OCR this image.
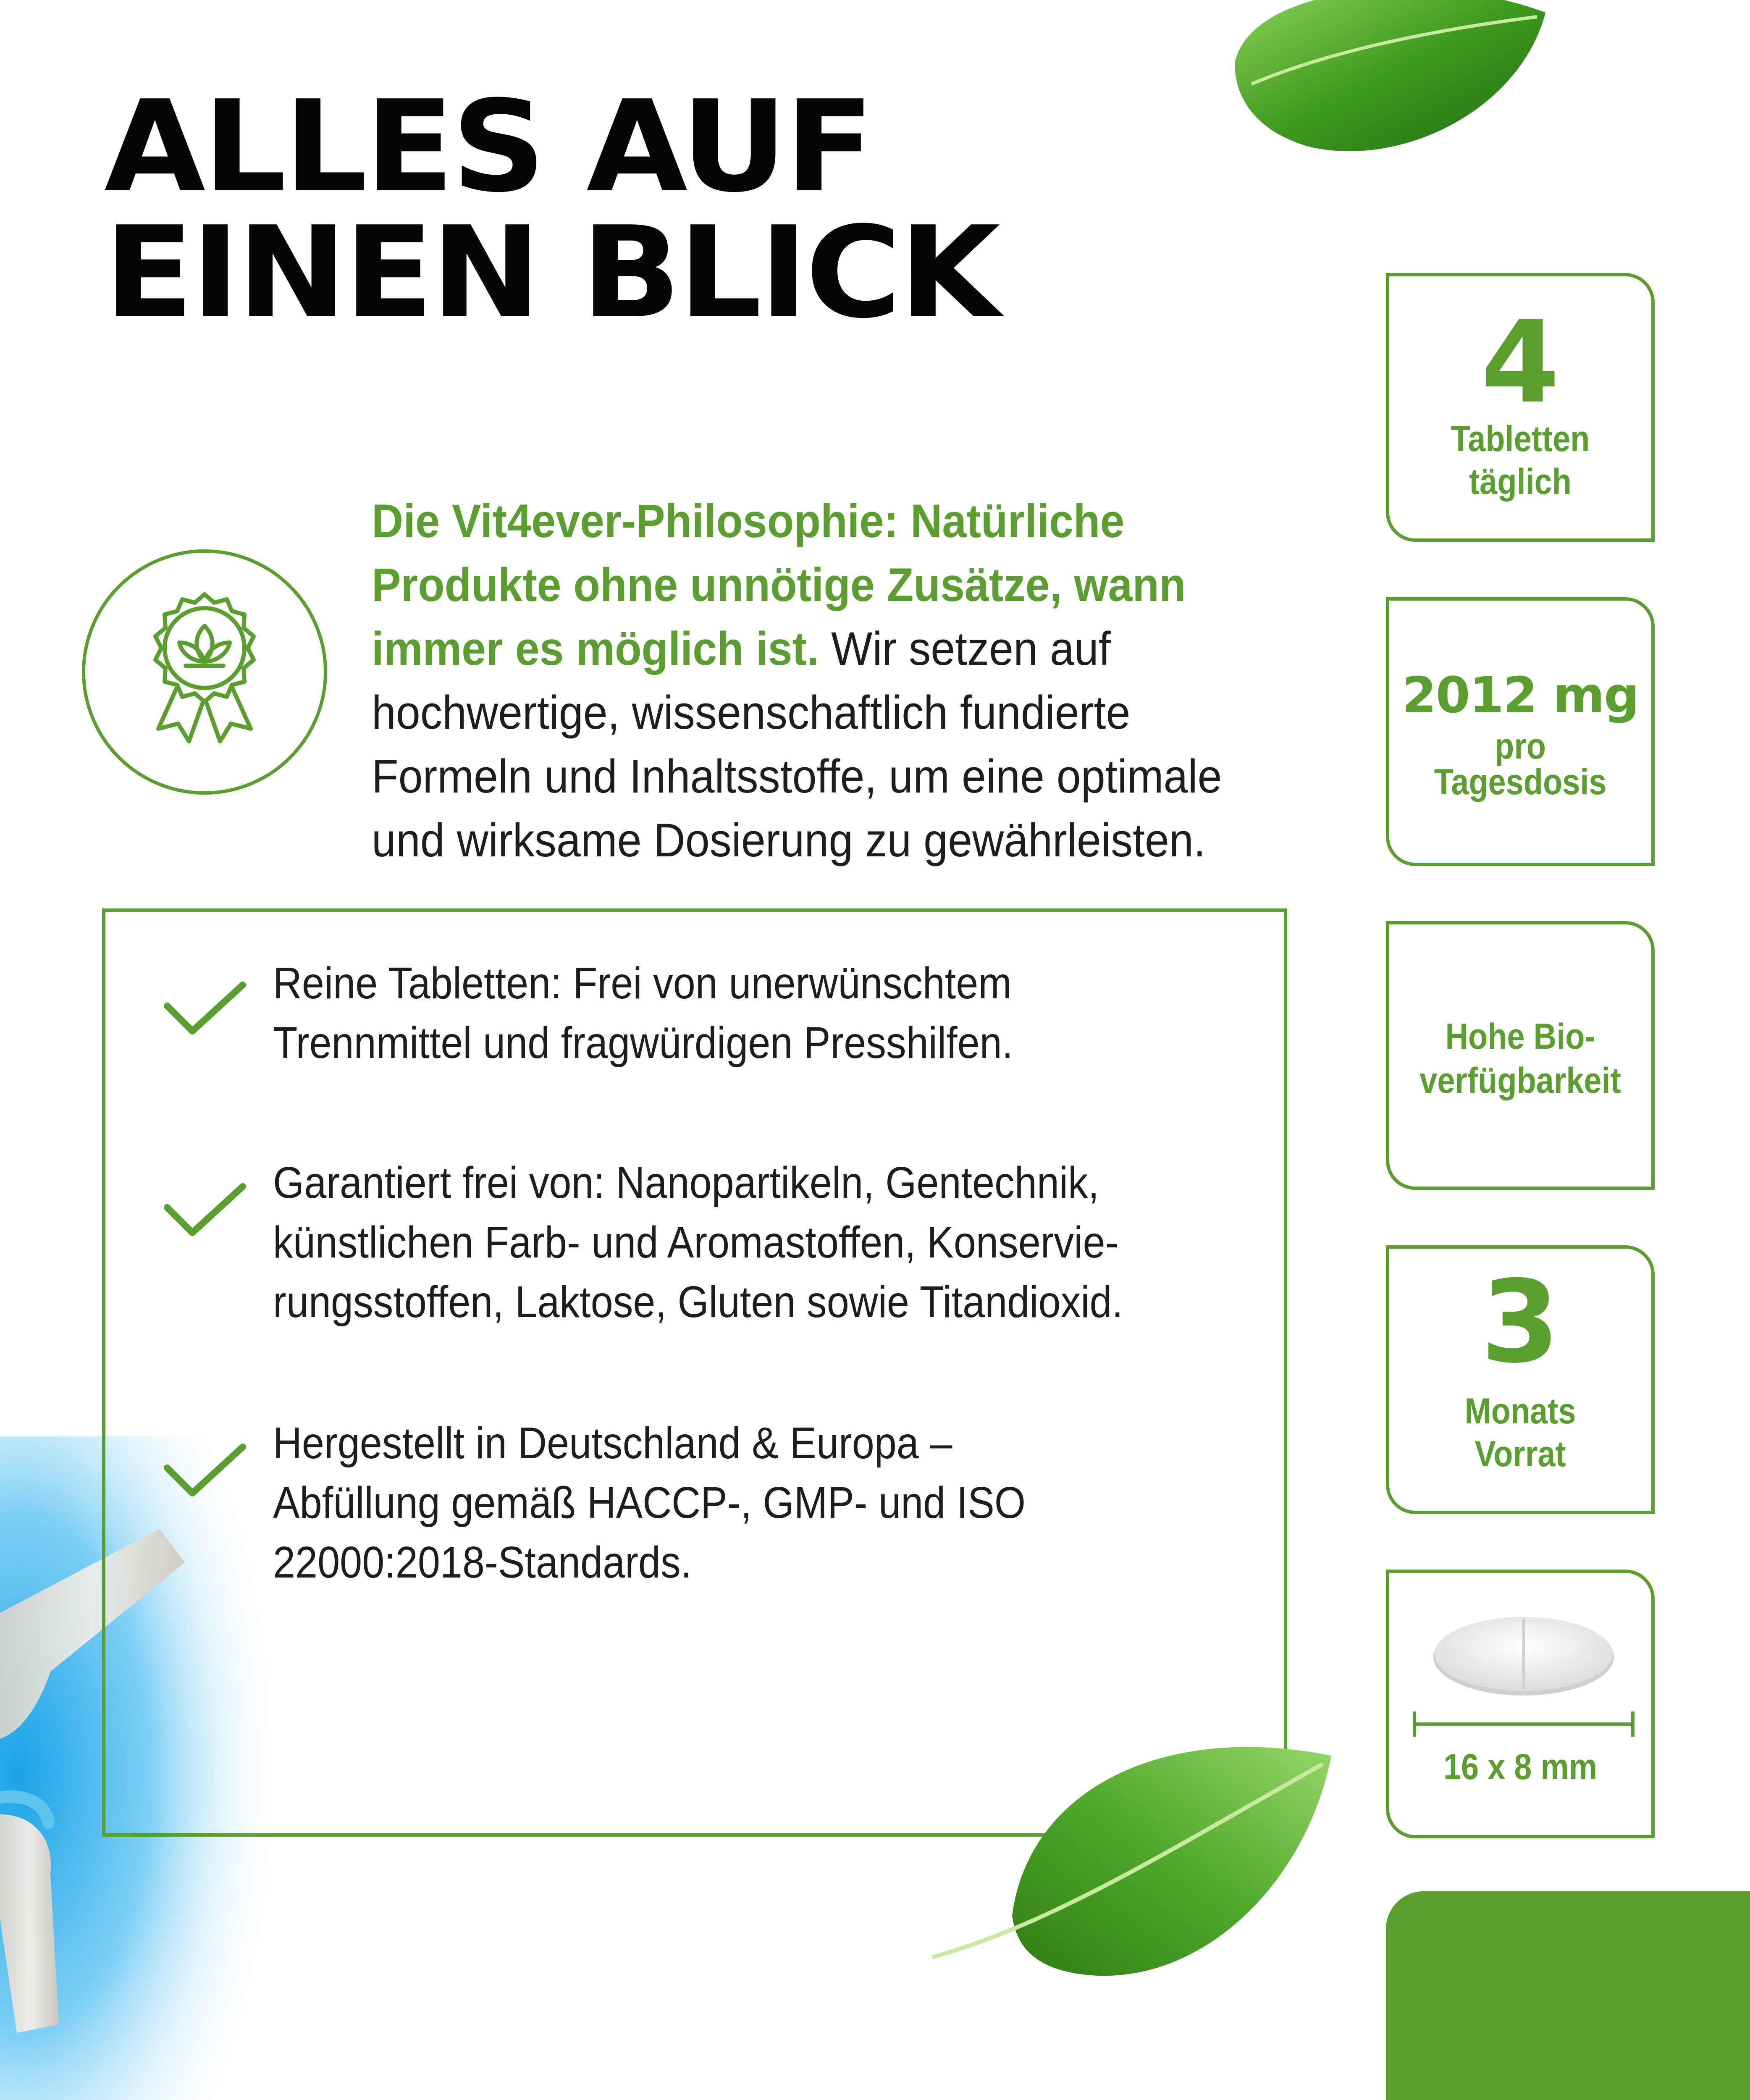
ALLES AUF
EINEN BLICK
Die Vit4ever-Philosophie: Natürliche Produkte ohne unnötige Zusätze, wann immer es möglich ist. Wir setzen auf hochwertige, wissenschaftlich fundierte Formeln und Inhaltsstoffe, um eine optimale und wirksame Dosierung zu gewährleisten.
Reine Tabletten: Frei von unerwünschtem
Trennmittel und fragwürdigen Presshilfen.
Garantiert frei von: Nanopartikeln, Gentechnik,
künstlichen Farb- und Aromastoffen, Konservie-
rungsstoffen, Laktose, Gluten sowie Titandioxid.
Hergestellt in Deutschland & Europa –
Abfüllung gemäß HACCP-, GMP- und ISO
22000:2018-Standards.
4
Tabletten
täglich
2012 mg
pro
Tagesdosis
Hohe Bio-
verfügbarkeit
3
Monats
Vorrat
16 x 8 mm
